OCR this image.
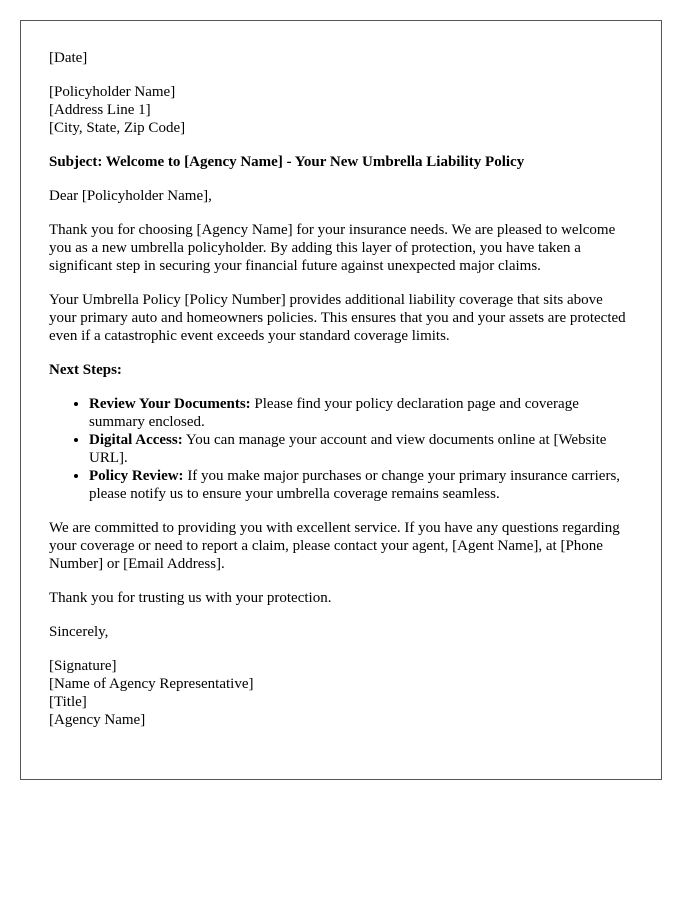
[Date]
[Policyholder Name]
[Address Line 1]
[City, State, Zip Code]
Subject: Welcome to [Agency Name] - Your New Umbrella Liability Policy
Dear [Policyholder Name],

Thank you for choosing [Agency Name] for your insurance needs. We are pleased to welcome you as a new umbrella policyholder. By adding this layer of protection, you have taken a significant step in securing your financial future against unexpected major claims.

Your Umbrella Policy [Policy Number] provides additional liability coverage that sits above your primary auto and homeowners policies. This ensures that you and your assets are protected even if a catastrophic event exceeds your standard coverage limits.

Next Steps:
• Review Your Documents: Please find your policy declaration page and coverage summary enclosed.
• Digital Access: You can manage your account and view documents online at [Website URL].
• Policy Review: If you make major purchases or change your primary insurance carriers, please notify us to ensure your umbrella coverage remains seamless.

We are committed to providing you with excellent service. If you have any questions regarding your coverage or need to report a claim, please contact your agent, [Agent Name], at [Phone Number] or [Email Address].

Thank you for trusting us with your protection.

Sincerely,
[Signature]
[Name of Agency Representative]
[Title]
[Agency Name]
